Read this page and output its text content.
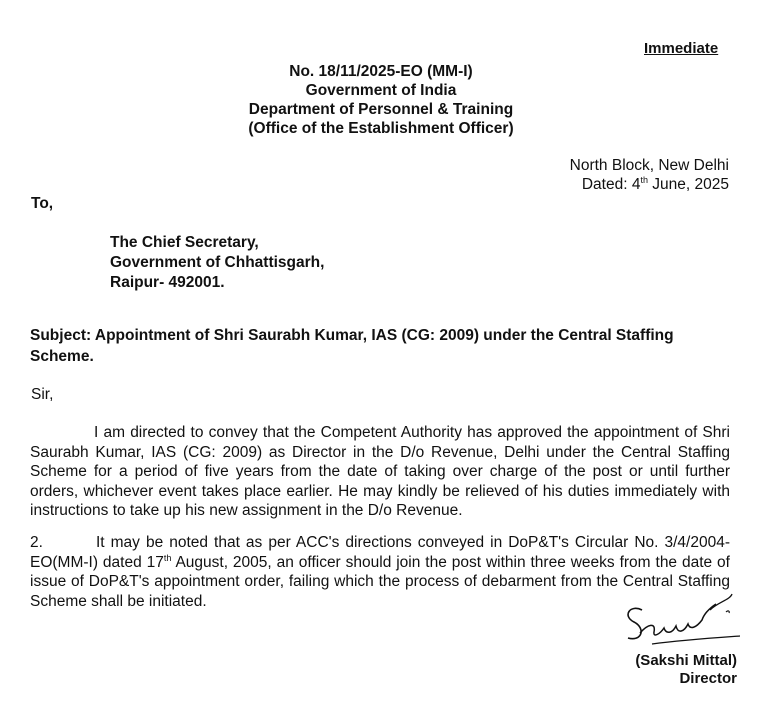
Immediate
No. 18/11/2025-EO (MM-I)
Government of India
Department of Personnel & Training
(Office of the Establishment Officer)
North Block, New Delhi
Dated: 4th June, 2025
To,
The Chief Secretary,
Government of Chhattisgarh,
Raipur- 492001.
Subject: Appointment of Shri Saurabh Kumar, IAS (CG: 2009) under the Central Staffing Scheme.
Sir,

I am directed to convey that the Competent Authority has approved the appointment of Shri Saurabh Kumar, IAS (CG: 2009) as Director in the D/o Revenue, Delhi under the Central Staffing Scheme for a period of five years from the date of taking over charge of the post or until further orders, whichever event takes place earlier. He may kindly be relieved of his duties immediately with instructions to take up his new assignment in the D/o Revenue.

2.	It may be noted that as per ACC's directions conveyed in DoP&T's Circular No. 3/4/2004-EO(MM-I) dated 17th August, 2005, an officer should join the post within three weeks from the date of issue of DoP&T's appointment order, failing which the process of debarment from the Central Staffing Scheme shall be initiated.

(Sakshi Mittal)
Director
